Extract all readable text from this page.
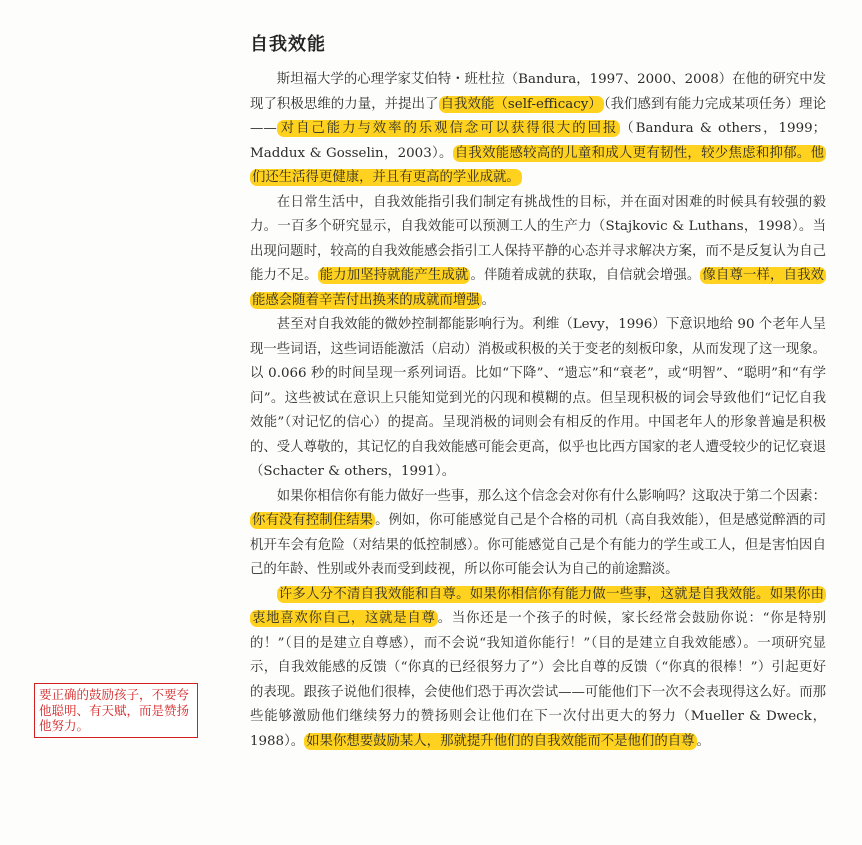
自我效能

斯坦福大学的心理学家艾伯特・班杜拉（Bandura，1997、2000、2008）在他的研究中发现了积极思维的力量，并提出了 自我效能（self-efficacy） （我们感到有能力完成某项任务）理论—— 对自己能力与效率的乐观信念可以获得很大的回报 （Bandura & others，1999；Maddux & Gosselin，2003）。 自我效能感较高的儿童和成人更有韧性，较少焦虑和抑郁。他们还生活得更健康，并且有更高的学业成就。

在日常生活中，自我效能指引我们制定有挑战性的目标，并在面对困难的时候具有较强的毅力。一百多个研究显示，自我效能可以预测工人的生产力（Stajkovic & Luthans，1998）。当出现问题时，较高的自我效能感会指引工人保持平静的心态并寻求解决方案，而不是反复认为自己能力不足。 能力加坚持就能产生成就 。伴随着成就的获取，自信就会增强。 像自尊一样，自我效能感会随着辛苦付出换来的成就而增强 。

甚至对自我效能的微妙控制都能影响行为。利维（Levy，1996）下意识地给 90 个老年人呈现一些词语，这些词语能激活（启动）消极或积极的关于变老的刻板印象，从而发现了这一现象。以 0.066 秒的时间呈现一系列词语。比如“下降”、“遗忘”和“衰老”，或“明智”、“聪明”和“有学问”。这些被试在意识上只能知觉到光的闪现和模糊的点。但呈现积极的词会导致他们“记忆自我效能”（对记忆的信心）的提高。呈现消极的词则会有相反的作用。中国老年人的形象普遍是积极的、受人尊敬的，其记忆的自我效能感可能会更高，似乎也比西方国家的老人遭受较少的记忆衰退（Schacter & others，1991）。

如果你相信你有能力做好一些事，那么这个信念会对你有什么影响吗？这取决于第二个因素：你有没有控制住结果 。例如，你可能感觉自己是个合格的司机（高自我效能），但是感觉醉酒的司机开车会有危险（对结果的低控制感）。你可能感觉自己是个有能力的学生或工人，但是害怕因自己的年龄、性别或外表而受到歧视，所以你可能会认为自己的前途黯淡。

许多人分不清自我效能和自尊。如果你相信你有能力做一些事，这就是自我效能。如果你由衷地喜欢你自己，这就是自尊 。当你还是一个孩子的时候，家长经常会鼓励你说：“你是特别的！”（目的是建立自尊感），而不会说“我知道你能行！”（目的是建立自我效能感）。一项研究显示，自我效能感的反馈（“你真的已经很努力了”）会比自尊的反馈（“你真的很棒！”）引起更好的表现。跟孩子说他们很棒，会使他们恐于再次尝试——可能他们下一次不会表现得这么好。而那些能够激励他们继续努力的赞扬则会让他们在下一次付出更大的努力（Mueller & Dweck，1988）。 如果你想要鼓励某人，那就提升他们的自我效能而不是他们的自尊 。

要正确的鼓励孩子，不要夸他聪明、有天赋，而是赞扬他努力。
